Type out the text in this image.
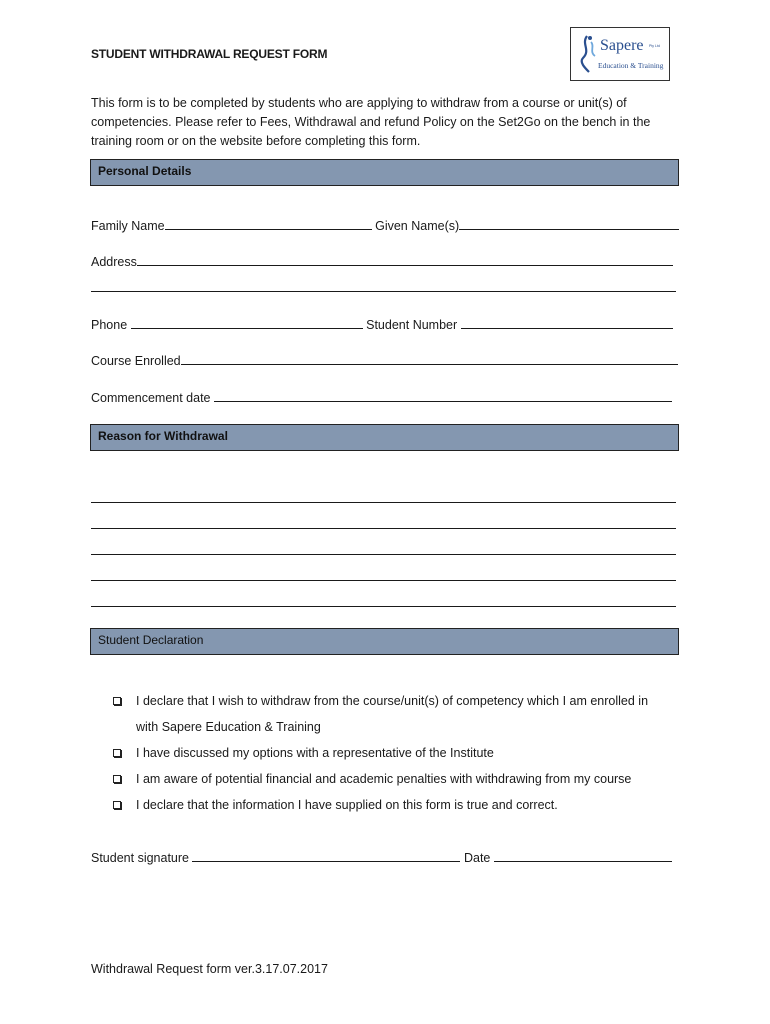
STUDENT WITHDRAWAL REQUEST FORM	Sapere Pty Ltd
Education & Training
This form is to be completed by students who are applying to withdraw from a course or unit(s) of competencies. Please refer to Fees, Withdrawal and refund Policy on the Set2Go on the bench in the training room or on the website before completing this form.
Personal Details
Family Name	Given Name(s)
Address
Phone	Student Number
Course Enrolled
Commencement date
Reason for Withdrawal
Student Declaration
I declare that I wish to withdraw from the course/unit(s) of competency which I am enrolled in
with Sapere Education & Training
I have discussed my options with a representative of the Institute
I am aware of potential financial and academic penalties with withdrawing from my course
I declare that the information I have supplied on this form is true and correct.
Student signature	Date
Withdrawal Request form ver.3.17.07.2017
